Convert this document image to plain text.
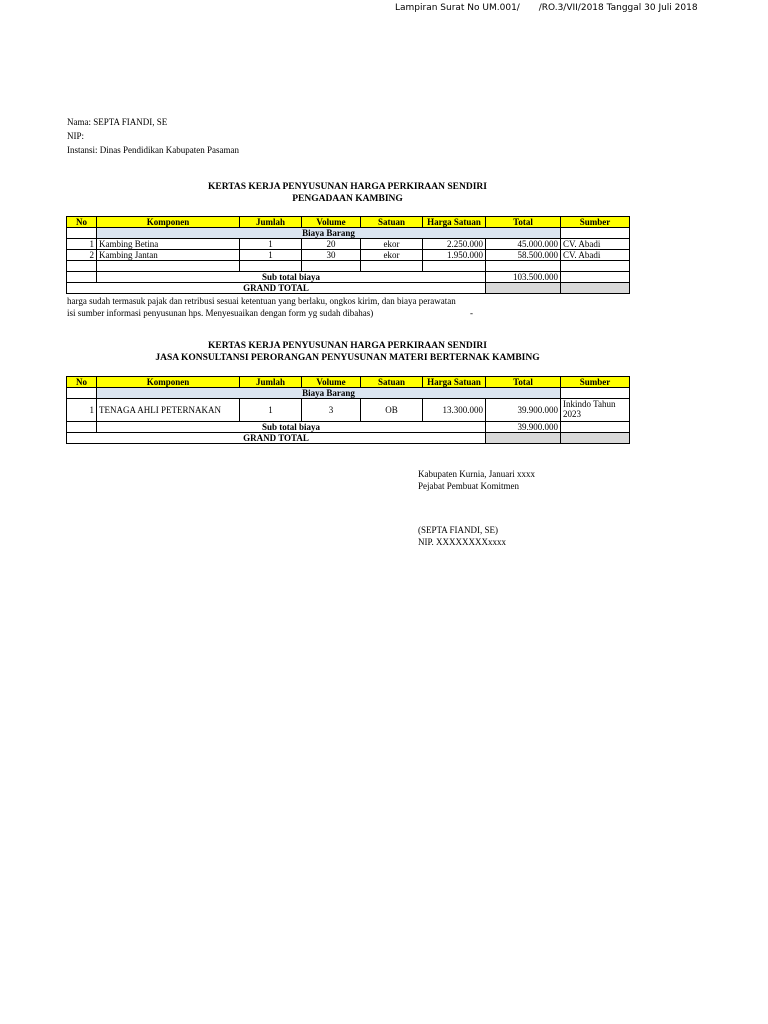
Lampiran Surat No UM.001/ /RO.3/VII/2018 Tanggal 30 Juli 2018
Nama: SEPTA FIANDI, SE
NIP:
Instansi: Dinas Pendidikan Kabupaten Pasaman
KERTAS KERJA PENYUSUNAN HARGA PERKIRAAN SENDIRI
PENGADAAN KAMBING
No	Komponen	Jumlah	Volume	Satuan	Harga Satuan	Total	Sumber
	Biaya Barang						
1	Kambing Betina	1	20	ekor	2.250.000	45.000.000	CV. Abadi
2	Kambing Jantan	1	30	ekor	1.950.000	58.500.000	CV. Abadi

	Sub total biaya					103.500.000	
GRAND TOTAL							
harga sudah termasuk pajak dan retribusi sesuai ketentuan yang berlaku, ongkos kirim, dan biaya perawatan
isi sumber informasi penyusunan hps. Menyesuaikan dengan form yg sudah dibahas)	-
KERTAS KERJA PENYUSUNAN HARGA PERKIRAAN SENDIRI
JASA KONSULTANSI PERORANGAN PENYUSUNAN MATERI BERTERNAK KAMBING
No	Komponen	Jumlah	Volume	Satuan	Harga Satuan	Total	Sumber
	Biaya Barang						
1	TENAGA AHLI PETERNAKAN	1	3	OB	13.300.000	39.900.000	Inkindo Tahun
2023

	Sub total biaya					39.900.000	
GRAND TOTAL							
Kabupaten Kurnia, Januari xxxx
Pejabat Pembuat Komitmen
(SEPTA FIANDI, SE)
NIP. XXXXXXXXxxxx
